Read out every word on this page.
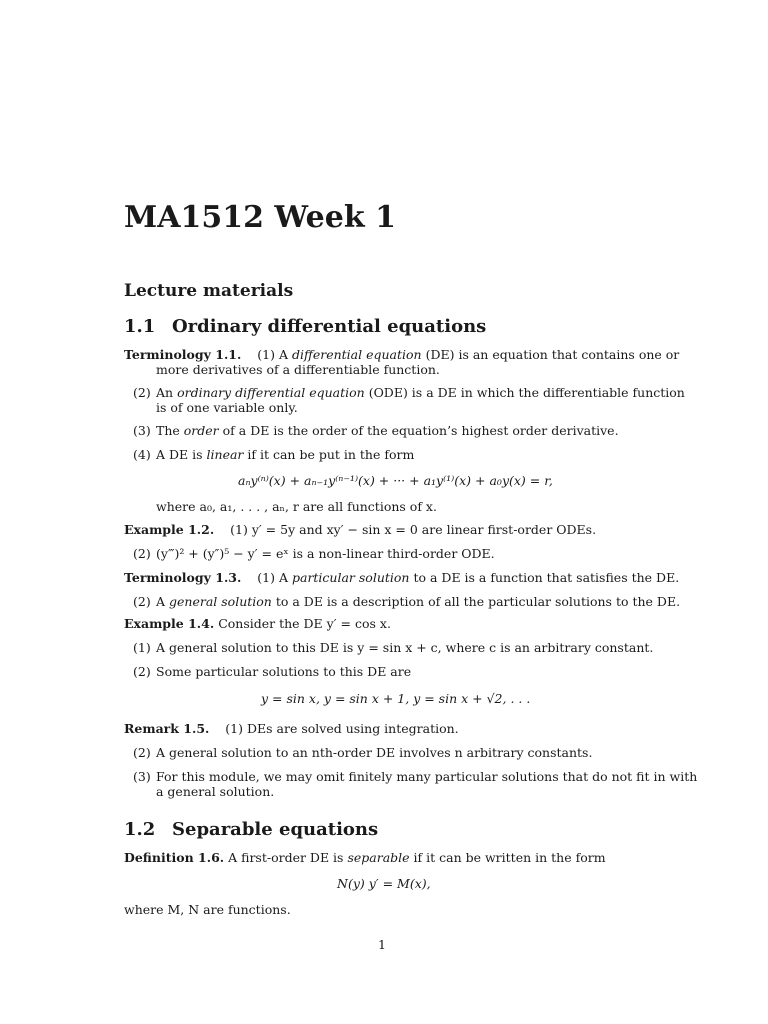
MA1512 Week 1
Lecture materials
1.1 Ordinary differential equations
Terminology 1.1. (1) A differential equation (DE) is an equation that contains one or
more derivatives of a differentiable function.
(2) An ordinary differential equation (ODE) is a DE in which the differentiable function
is of one variable only.
(3) The order of a DE is the order of the equation’s highest order derivative.
(4) A DE is linear if it can be put in the form
aₙy⁽ⁿ⁾(x) + aₙ₋₁y⁽ⁿ⁻¹⁾(x) + ··· + a₁y⁽¹⁾(x) + a₀y(x) = r,
where a₀, a₁, . . . , aₙ, r are all functions of x.
Example 1.2. (1) y′ = 5y and xy′ − sin x = 0 are linear first-order ODEs.
(2) (y‴)² + (y″)⁵ − y′ = eˣ is a non-linear third-order ODE.
Terminology 1.3. (1) A particular solution to a DE is a function that satisfies the DE.
(2) A general solution to a DE is a description of all the particular solutions to the DE.
Example 1.4. Consider the DE y′ = cos x.
(1) A general solution to this DE is y = sin x + c, where c is an arbitrary constant.
(2) Some particular solutions to this DE are
y = sin x, y = sin x + 1, y = sin x + √2, . . .
Remark 1.5. (1) DEs are solved using integration.
(2) A general solution to an nth-order DE involves n arbitrary constants.
(3) For this module, we may omit finitely many particular solutions that do not fit in with
a general solution.
1.2 Separable equations
Definition 1.6. A first-order DE is separable if it can be written in the form
N(y) y′ = M(x),
where M, N are functions.
1
